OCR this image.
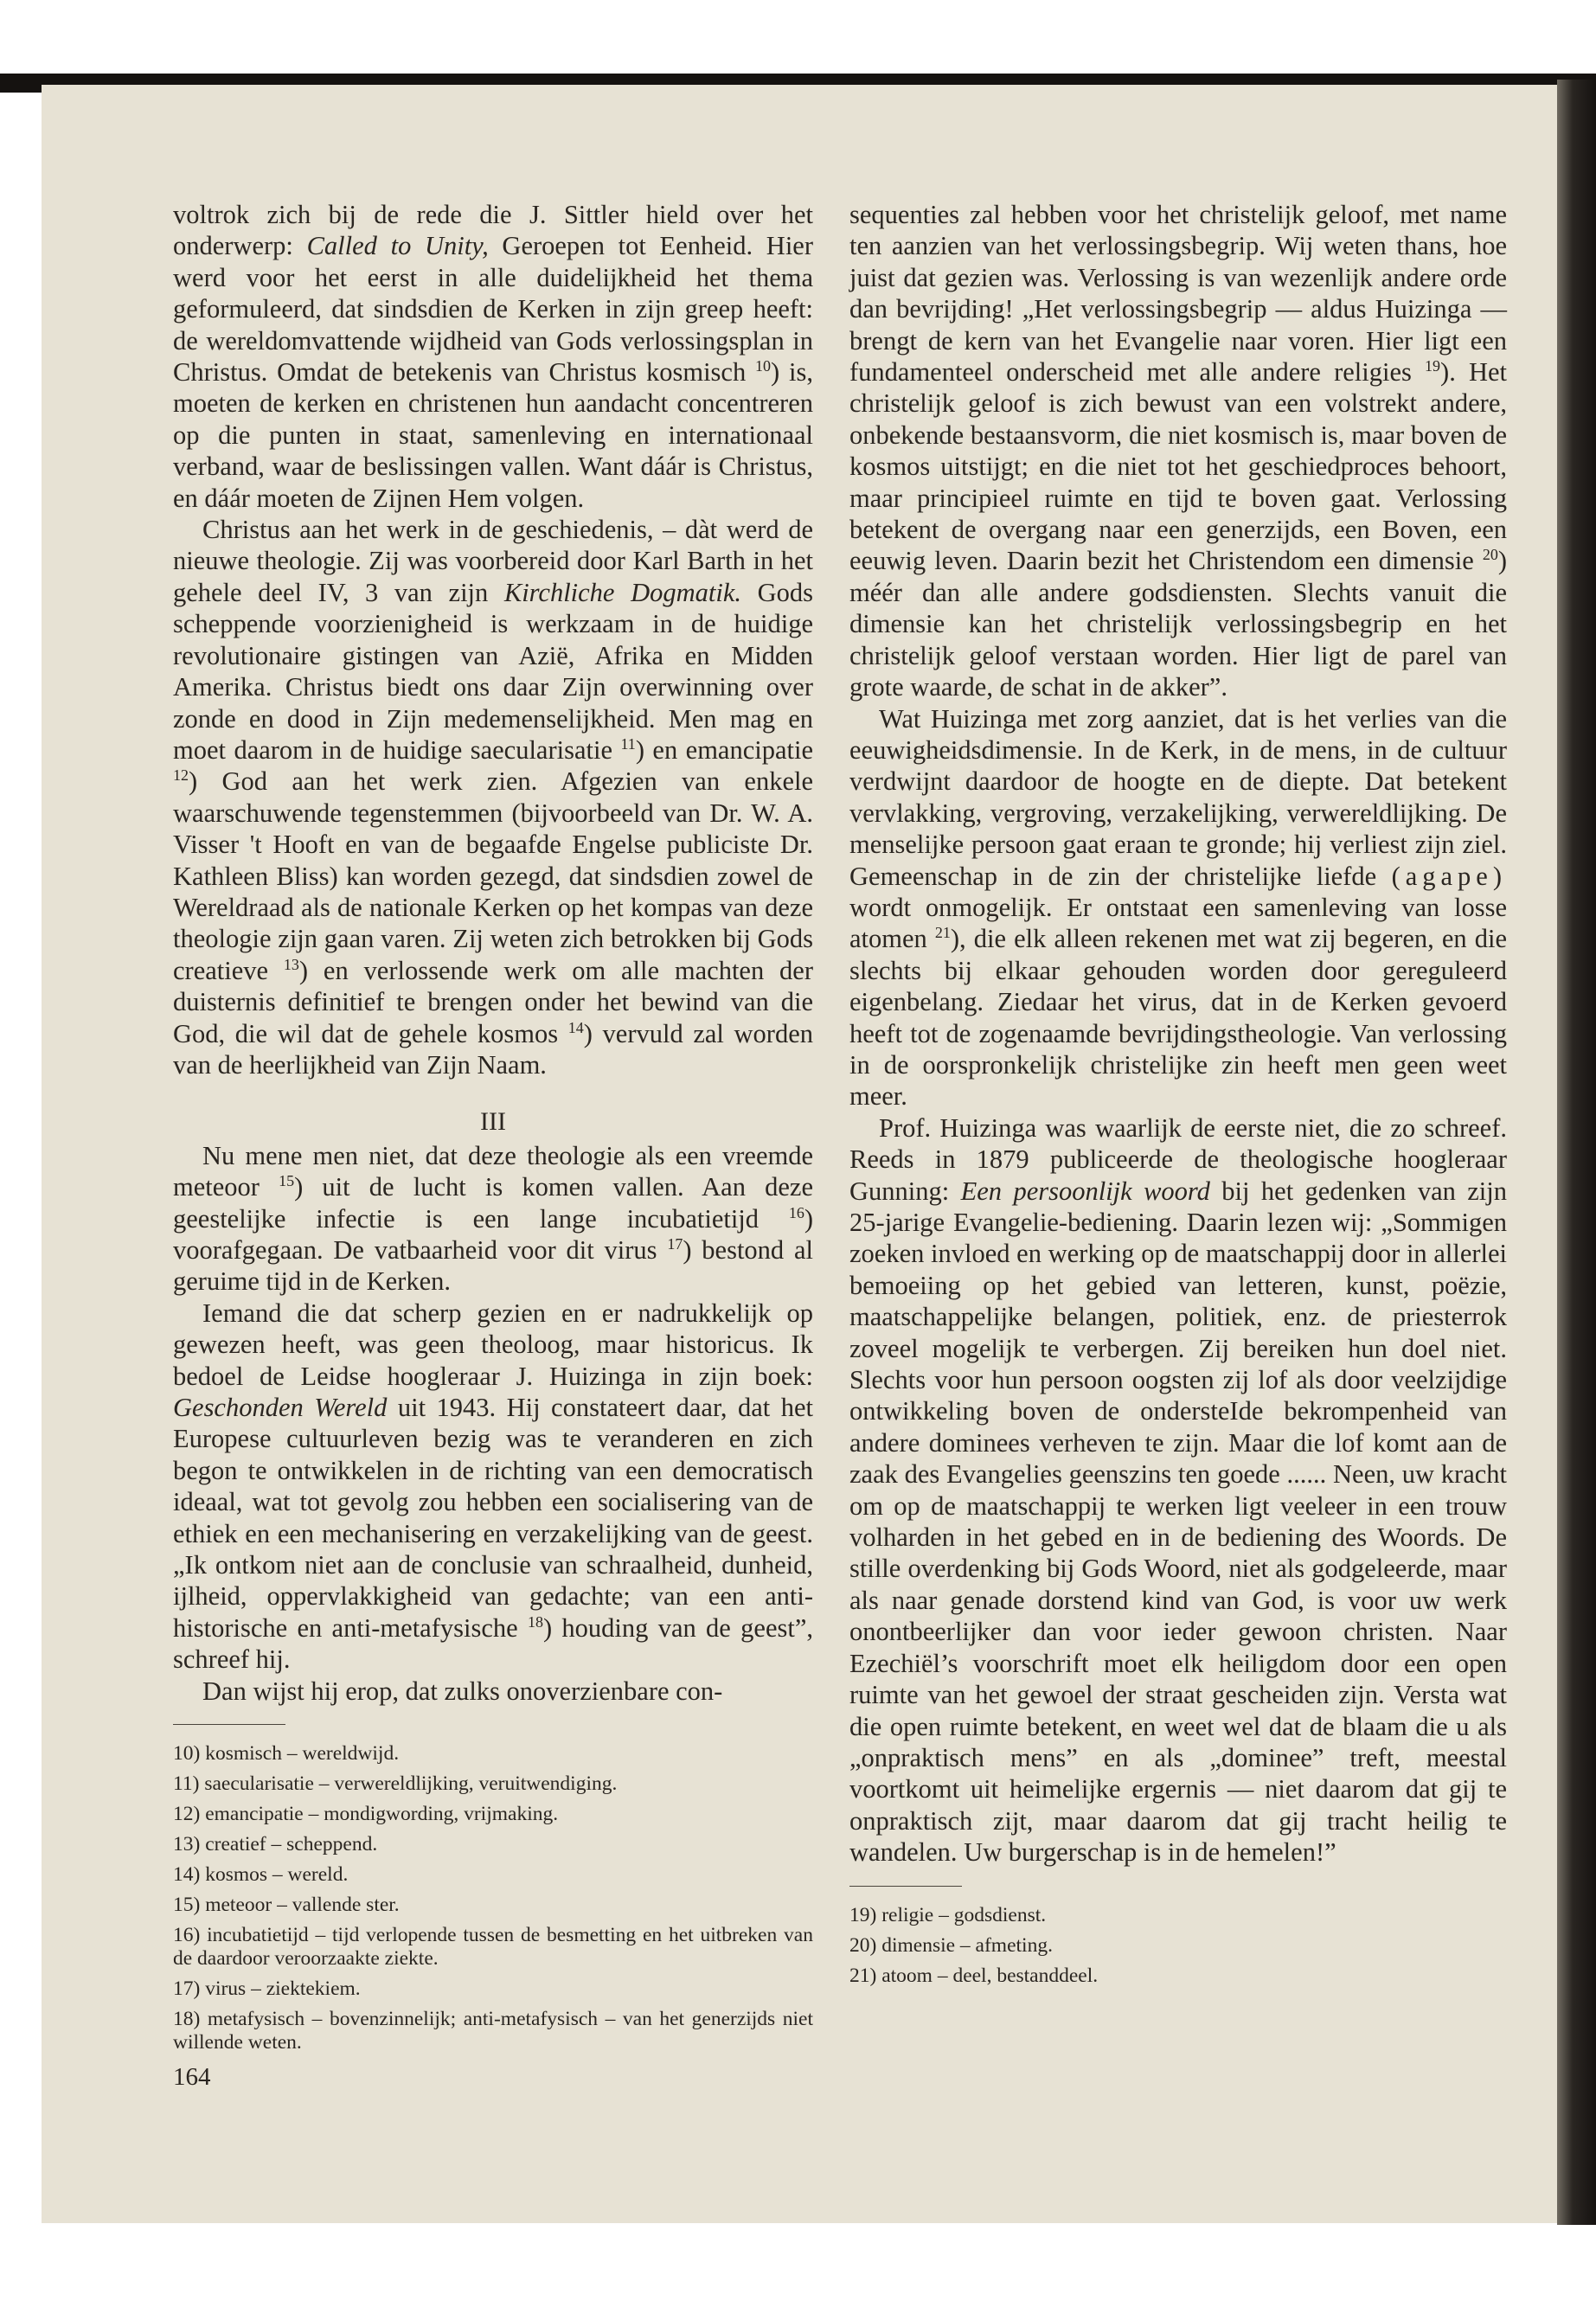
voltrok zich bij de rede die J. Sittler hield over het onderwerp: Called to Unity, Geroepen tot Eenheid. Hier werd voor het eerst in alle duidelijkheid het thema geformuleerd, dat sindsdien de Kerken in zijn greep heeft: de wereldomvattende wijdheid van Gods verlossingsplan in Christus. Omdat de betekenis van Christus kosmisch $^{10}$) is, moeten de kerken en christenen hun aandacht concentreren op die punten in staat, samenleving en internationaal verband, waar de beslissingen vallen. Want dáár is Christus, en dáár moeten de Zijnen Hem volgen.

Christus aan het werk in de geschiedenis, – dàt werd de nieuwe theologie. Zij was voorbereid door Karl Barth in het gehele deel IV, 3 van zijn Kirchliche Dogmatik. Gods scheppende voorzienigheid is werkzaam in de huidige revolutionaire gistingen van Azië, Afrika en Midden Amerika. Christus biedt ons daar Zijn overwinning over zonde en dood in Zijn medemenselijkheid. Men mag en moet daarom in de huidige saecularisatie $^{11}$) en emancipatie $^{12}$) God aan het werk zien. Afgezien van enkele waarschuwende tegenstemmen (bijvoorbeeld van Dr. W. A. Visser 't Hooft en van de begaafde Engelse publiciste Dr. Kathleen Bliss) kan worden gezegd, dat sindsdien zowel de Wereldraad als de nationale Kerken op het kompas van deze theologie zijn gaan varen. Zij weten zich betrokken bij Gods creatieve $^{13}$) en verlossende werk om alle machten der duisternis definitief te brengen onder het bewind van die God, die wil dat de gehele kosmos $^{14}$) vervuld zal worden van de heerlijkheid van Zijn Naam.

III

Nu mene men niet, dat deze theologie als een vreemde meteoor $^{15}$) uit de lucht is komen vallen. Aan deze geestelijke infectie is een lange incubatietijd $^{16}$) voorafgegaan. De vatbaarheid voor dit virus $^{17}$) bestond al geruime tijd in de Kerken.

Iemand die dat scherp gezien en er nadrukkelijk op gewezen heeft, was geen theoloog, maar historicus. Ik bedoel de Leidse hoogleraar J. Huizinga in zijn boek: Geschonden Wereld uit 1943. Hij constateert daar, dat het Europese cultuurleven bezig was te veranderen en zich begon te ontwikkelen in de richting van een democratisch ideaal, wat tot gevolg zou hebben een socialisering van de ethiek en een mechanisering en verzakelijking van de geest. „Ik ontkom niet aan de conclusie van schraalheid, dunheid, ijlheid, oppervlakkigheid van gedachte; van een anti-historische en anti-metafysische $^{18}$) houding van de geest”, schreef hij.

Dan wijst hij erop, dat zulks onoverzienbare con-

10) kosmisch – wereldwijd.
11) saecularisatie – verwereldlijking, veruitwendiging.
12) emancipatie – mondigwording, vrijmaking.
13) creatief – scheppend.
14) kosmos – wereld.
15) meteoor – vallende ster.
16) incubatietijd – tijd verlopende tussen de besmetting en het uitbreken van de daardoor veroorzaakte ziekte.
17) virus – ziektekiem.
18) metafysisch – bovenzinnelijk; anti-metafysisch – van het generzijds niet willende weten.
164

sequenties zal hebben voor het christelijk geloof, met name ten aanzien van het verlossingsbegrip. Wij weten thans, hoe juist dat gezien was. Verlossing is van wezenlijk andere orde dan bevrijding! „Het verlossingsbegrip — aldus Huizinga — brengt de kern van het Evangelie naar voren. Hier ligt een fundamenteel onderscheid met alle andere religies $^{19}$). Het christelijk geloof is zich bewust van een volstrekt andere, onbekende bestaansvorm, die niet kosmisch is, maar boven de kosmos uitstijgt; en die niet tot het geschiedproces behoort, maar principieel ruimte en tijd te boven gaat. Verlossing betekent de overgang naar een generzijds, een Boven, een eeuwig leven. Daarin bezit het Christendom een dimensie $^{20}$) méér dan alle andere godsdiensten. Slechts vanuit die dimensie kan het christelijk verlossingsbegrip en het christelijk geloof verstaan worden. Hier ligt de parel van grote waarde, de schat in de akker”.

Wat Huizinga met zorg aanziet, dat is het verlies van die eeuwigheidsdimensie. In de Kerk, in de mens, in de cultuur verdwijnt daardoor de hoogte en de diepte. Dat betekent vervlakking, vergroving, verzakelijking, verwereldlijking. De menselijke persoon gaat eraan te gronde; hij verliest zijn ziel. Gemeenschap in de zin der christelijke liefde (agape) wordt onmogelijk. Er ontstaat een samenleving van losse atomen $^{21}$), die elk alleen rekenen met wat zij begeren, en die slechts bij elkaar gehouden worden door gereguleerd eigenbelang. Ziedaar het virus, dat in de Kerken gevoerd heeft tot de zogenaamde bevrijdingstheologie. Van verlossing in de oorspronkelijk christelijke zin heeft men geen weet meer.

Prof. Huizinga was waarlijk de eerste niet, die zo schreef. Reeds in 1879 publiceerde de theologische hoogleraar Gunning: Een persoonlijk woord bij het gedenken van zijn 25-jarige Evangelie-bediening. Daarin lezen wij: „Sommigen zoeken invloed en werking op de maatschappij door in allerlei bemoeiing op het gebied van letteren, kunst, poëzie, maatschappelijke belangen, politiek, enz. de priesterrok zoveel mogelijk te verbergen. Zij bereiken hun doel niet. Slechts voor hun persoon oogsten zij lof als door veelzijdige ontwikkeling boven de ondersteIde bekrompenheid van andere dominees verheven te zijn. Maar die lof komt aan de zaak des Evangelies geenszins ten goede ...... Neen, uw kracht om op de maatschappij te werken ligt veeleer in een trouw volharden in het gebed en in de bediening des Woords. De stille overdenking bij Gods Woord, niet als godgeleerde, maar als naar genade dorstend kind van God, is voor uw werk onontbeerlijker dan voor ieder gewoon christen. Naar Ezechiël’s voorschrift moet elk heiligdom door een open ruimte van het gewoel der straat gescheiden zijn. Versta wat die open ruimte betekent, en weet wel dat de blaam die u als „onpraktisch mens” en als „dominee” treft, meestal voortkomt uit heimelijke ergernis — niet daarom dat gij te onpraktisch zijt, maar daarom dat gij tracht heilig te wandelen. Uw burgerschap is in de hemelen!”

19) religie – godsdienst.
20) dimensie – afmeting.
21) atoom – deel, bestanddeel.
